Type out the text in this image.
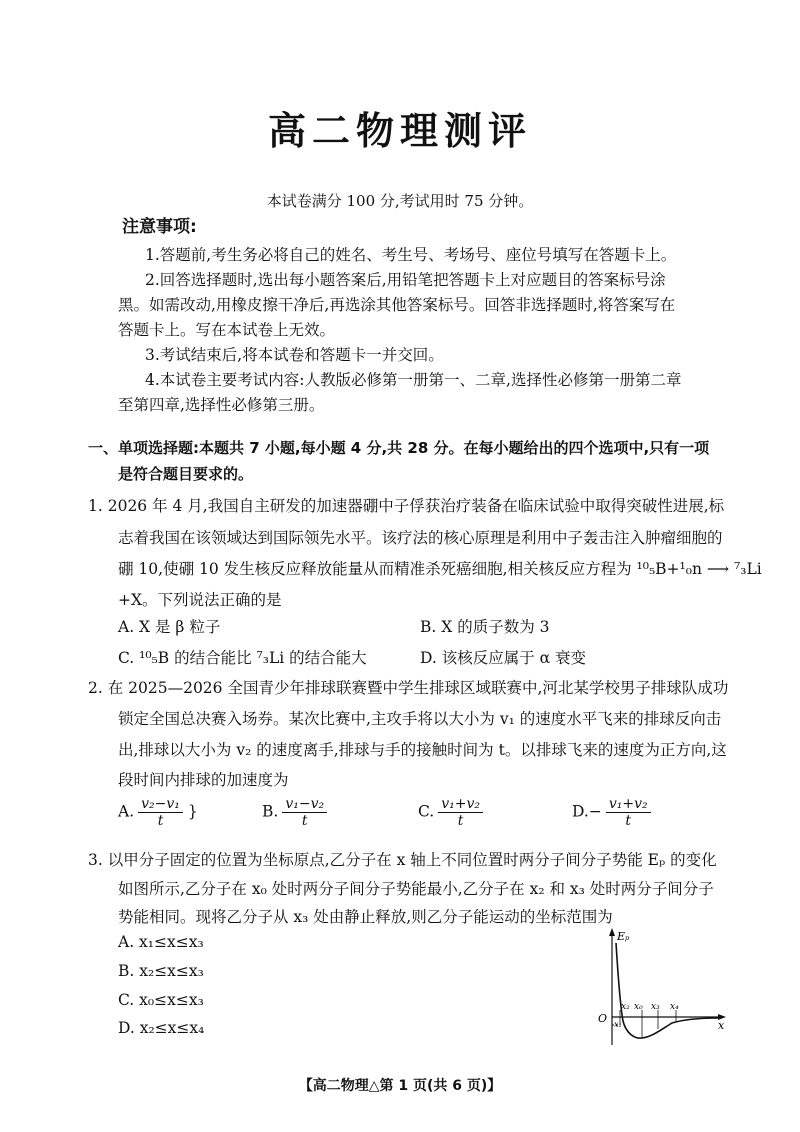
高二物理测评
本试卷满分 100 分,考试用时 75 分钟。
注意事项:
1.答题前,考生务必将自己的姓名、考生号、考场号、座位号填写在答题卡上。
2.回答选择题时,选出每小题答案后,用铅笔把答题卡上对应题目的答案标号涂
黑。如需改动,用橡皮擦干净后,再选涂其他答案标号。回答非选择题时,将答案写在
答题卡上。写在本试卷上无效。
3.考试结束后,将本试卷和答题卡一并交回。
4.本试卷主要考试内容:人教版必修第一册第一、二章,选择性必修第一册第二章
至第四章,选择性必修第三册。
一、单项选择题:本题共 7 小题,每小题 4 分,共 28 分。在每小题给出的四个选项中,只有一项
是符合题目要求的。
1. 2026 年 4 月,我国自主研发的加速器硼中子俘获治疗装备在临床试验中取得突破性进展,标
志着我国在该领域达到国际领先水平。该疗法的核心原理是利用中子轰击注入肿瘤细胞的
硼 10,使硼 10 发生核反应释放能量从而精准杀死癌细胞,相关核反应方程为 ¹⁰₅B+¹₀n ⟶ ⁷₃Li
+X。下列说法正确的是
A. X 是 β 粒子	B. X 的质子数为 3
C. ¹⁰₅B 的结合能比 ⁷₃Li 的结合能大	D. 该核反应属于 α 衰变
2. 在 2025—2026 全国青少年排球联赛暨中学生排球区域联赛中,河北某学校男子排球队成功
锁定全国总决赛入场券。某次比赛中,主攻手将以大小为 v₁ 的速度水平飞来的排球反向击
出,排球以大小为 v₂ 的速度离手,排球与手的接触时间为 t。以排球飞来的速度为正方向,这
段时间内排球的加速度为
A. $\frac{\text{v₂−v₁}}{t}$ }	B. $\frac{\text{v₁−v₂}}{t}$	C. $\frac{\text{v₁+v₂}}{t}$	$D.- \frac{\text{v₁+v₂}}{t}$
3. 以甲分子固定的位置为坐标原点,乙分子在 x 轴上不同位置时两分子间分子势能 Eₚ 的变化
如图所示,乙分子在 x₀ 处时两分子间分子势能最小,乙分子在 x₂ 和 x₃ 处时两分子间分子
势能相同。现将乙分子从 x₃ 处由静止释放,则乙分子能运动的坐标范围为
A. x₁≤x≤x₃
B. x₂≤x≤x₃
C. x₀≤x≤x₃
D. x₂≤x≤x₄
Eₚ
x
O
x₂ x₀ x₃ x₄
x₁
【高二物理△第 1 页(共 6 页)】
